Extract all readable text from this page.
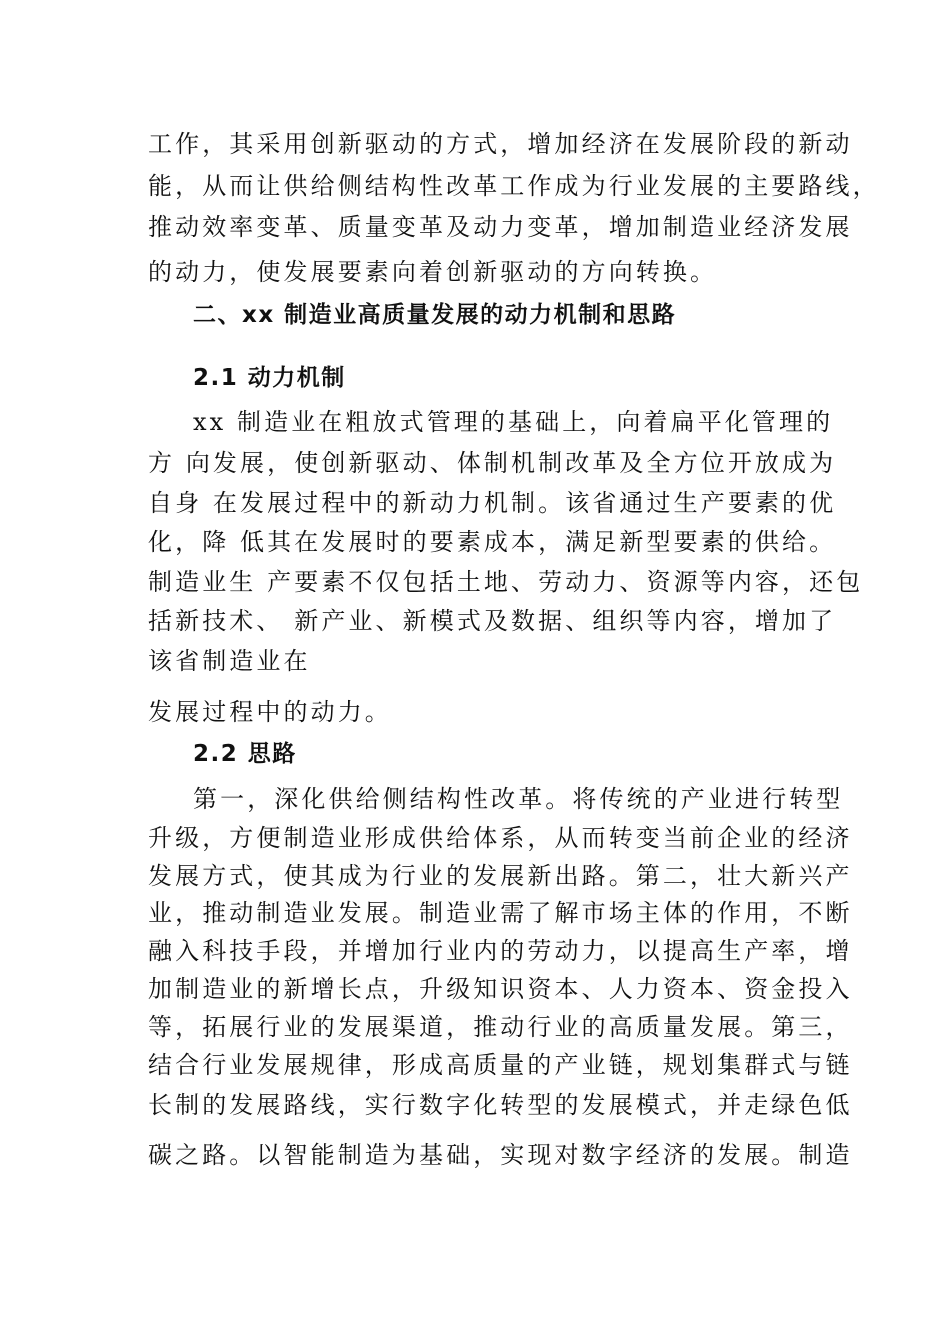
工作，其采用创新驱动的方式，增加经济在发展阶段的新动
能，从而让供给侧结构性改革工作成为行业发展的主要路线，
推动效率变革、质量变革及动力变革，增加制造业经济发展
的动力，使发展要素向着创新驱动的方向转换。
二、xx 制造业高质量发展的动力机制和思路
2.1 动力机制
xx 制造业在粗放式管理的基础上，向着扁平化管理的
方 向发展，使创新驱动、体制机制改革及全方位开放成为
自身 在发展过程中的新动力机制。该省通过生产要素的优
化，降 低其在发展时的要素成本，满足新型要素的供给。
制造业生 产要素不仅包括土地、劳动力、资源等内容，还包
括新技术、 新产业、新模式及数据、组织等内容，增加了
该省制造业在
发展过程中的动力。
2.2 思路
第一，深化供给侧结构性改革。将传统的产业进行转型
升级，方便制造业形成供给体系，从而转变当前企业的经济
发展方式，使其成为行业的发展新出路。第二，壮大新兴产
业，推动制造业发展。制造业需了解市场主体的作用，不断
融入科技手段，并增加行业内的劳动力，以提高生产率，增
加制造业的新增长点，升级知识资本、人力资本、资金投入
等，拓展行业的发展渠道，推动行业的高质量发展。第三，
结合行业发展规律，形成高质量的产业链，规划集群式与链
长制的发展路线，实行数字化转型的发展模式，并走绿色低
碳之路。以智能制造为基础，实现对数字经济的发展。制造
